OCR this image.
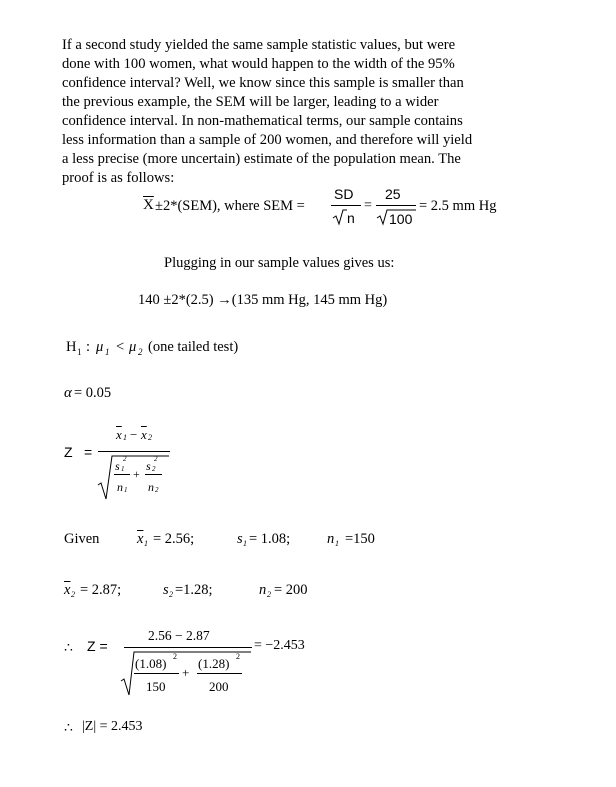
If a second study yielded the same sample statistic values, but were
done with 100 women, what would happen to the width of the 95%
confidence interval? Well, we know since this sample is smaller than
the previous example, the SEM will be larger, leading to a wider
confidence interval. In non-mathematical terms, our sample contains
less information than a sample of 200 women, and therefore will yield
a less precise (more uncertain) estimate of the population mean. The
proof is as follows:
$\overline{X} \pm 2*(SEM)$, where SEM =
SD
n
=
25
100
= 2.5 mm Hg
Plugging in our sample values gives us:
140 ±2*(2.5) →(135 mm Hg, 145 mm Hg)
H 1 : μ 1 < μ 2 (one tailed test)
α = 0.05
Z =
$\overline{x}$ $1 - \overline{x}$ 2
s 1
2
n 1
+
s 2
2
n 2
Given	$\overline{x}$ 1 = 2.56;	s 1 = 1.08;	n 1 =150
$\overline{x}$ 2 = 2.87;	s 2 =1.28;	n 2 = 200
∴ Z =
2.56 − 2.87
(1.08) 2
150
+
(1.28) 2
200
= −2.453
∴ |Z| = 2.453
